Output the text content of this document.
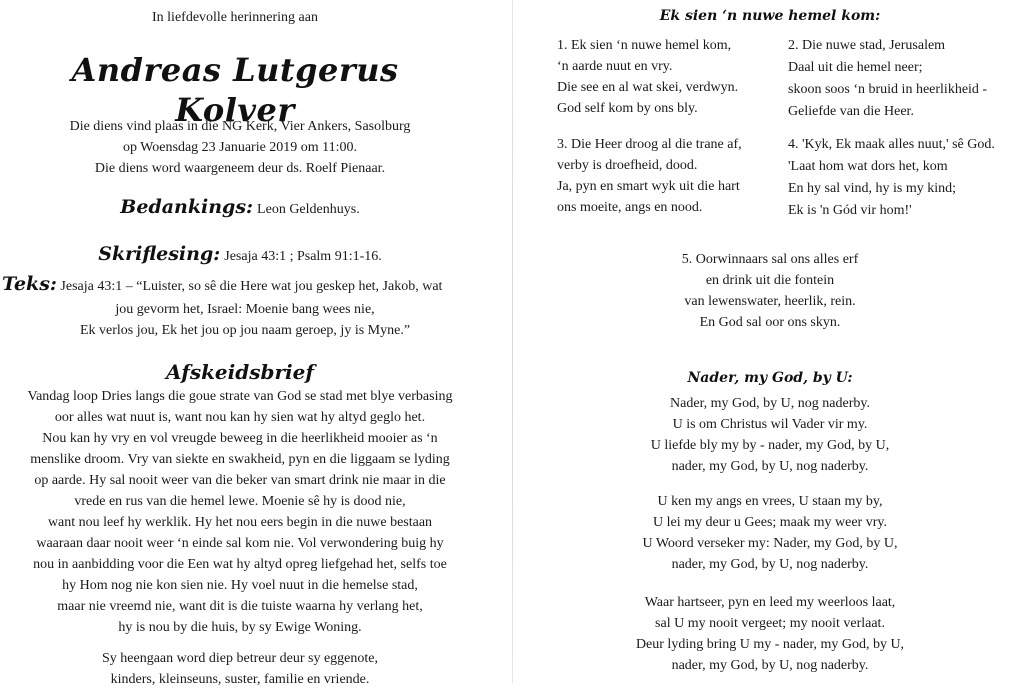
In liefdevolle herinnering aan
Andreas Lutgerus Kolver
Die diens vind plaas in die NG Kerk, Vier Ankers, Sasolburg
op Woensdag 23 Januarie 2019 om 11:00.
Die diens word waargeneem deur ds. Roelf Pienaar.
Bedankings: Leon Geldenhuys.
Skriflesing: Jesaja 43:1 ; Psalm 91:1-16.
Teks: Jesaja 43:1 – “Luister, so sê die Here wat jou geskep het, Jakob, wat
jou gevorm het, Israel: Moenie bang wees nie,
Ek verlos jou, Ek het jou op jou naam geroep, jy is Myne.”
Afskeidsbrief
Vandag loop Dries langs die goue strate van God se stad met blye verbasing
oor alles wat nuut is, want nou kan hy sien wat hy altyd geglo het.
Nou kan hy vry en vol vreugde beweeg in die heerlikheid mooier as ‘n
menslike droom. Vry van siekte en swakheid, pyn en die liggaam se lyding
op aarde. Hy sal nooit weer van die beker van smart drink nie maar in die
vrede en rus van die hemel lewe. Moenie sê hy is dood nie,
want nou leef hy werklik. Hy het nou eers begin in die nuwe bestaan
waaraan daar nooit weer ‘n einde sal kom nie. Vol verwondering buig hy
nou in aanbidding voor die Een wat hy altyd opreg liefgehad het, selfs toe
hy Hom nog nie kon sien nie. Hy voel nuut in die hemelse stad,
maar nie vreemd nie, want dit is die tuiste waarna hy verlang het,
hy is nou by die huis, by sy Ewige Woning.
Sy heengaan word diep betreur deur sy eggenote,
kinders, kleinseuns, suster, familie en vriende.
Ek sien ‘n nuwe hemel kom:
1. Ek sien ‘n nuwe hemel kom,
‘n aarde nuut en vry.
Die see en al wat skei, verdwyn.
God self kom by ons bly.
2. Die nuwe stad, Jerusalem
Daal uit die hemel neer;
skoon soos ‘n bruid in heerlikheid -
Geliefde van die Heer.
3. Die Heer droog al die trane af,
verby is droefheid, dood.
Ja, pyn en smart wyk uit die hart
ons moeite, angs en nood.
4. 'Kyk, Ek maak alles nuut,' sê God.
'Laat hom wat dors het, kom
En hy sal vind, hy is my kind;
Ek is 'n Gód vir hom!'
5. Oorwinnaars sal ons alles erf
en drink uit die fontein
van lewenswater, heerlik, rein.
En God sal oor ons skyn.
Nader, my God, by U:
Nader, my God, by U, nog naderby.
U is om Christus wil Vader vir my.
U liefde bly my by - nader, my God, by U,
nader, my God, by U, nog naderby.
U ken my angs en vrees, U staan my by,
U lei my deur u Gees; maak my weer vry.
U Woord verseker my: Nader, my God, by U,
nader, my God, by U, nog naderby.
Waar hartseer, pyn en leed my weerloos laat,
sal U my nooit vergeet; my nooit verlaat.
Deur lyding bring U my - nader, my God, by U,
nader, my God, by U, nog naderby.
